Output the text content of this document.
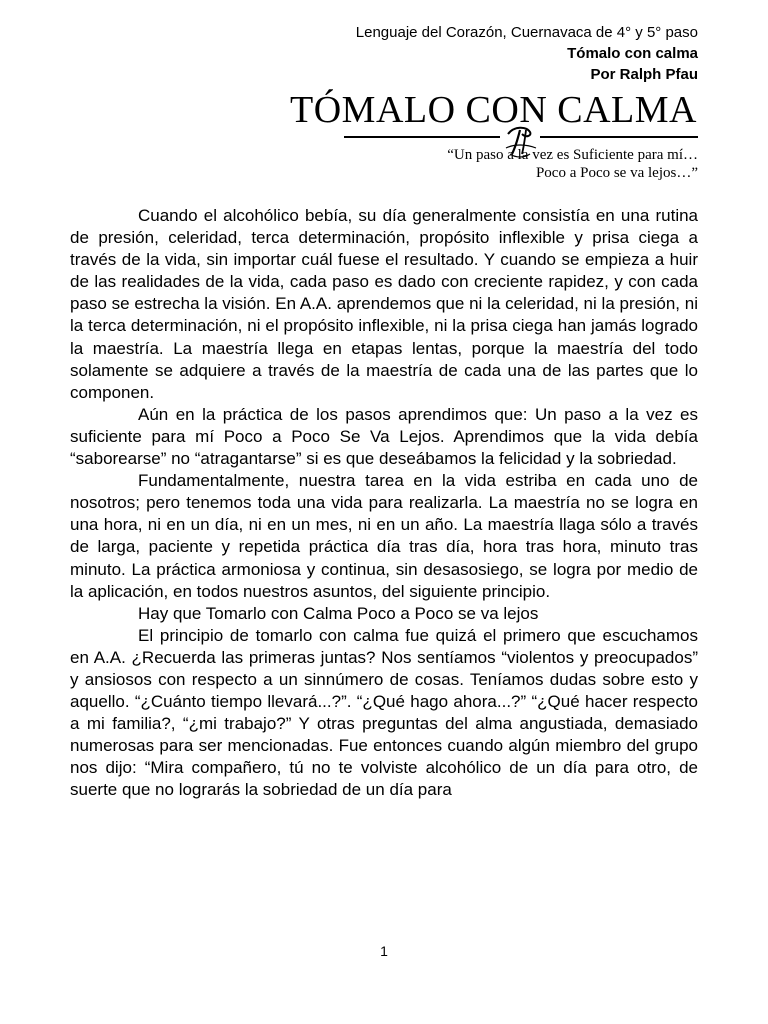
Lenguaje del Corazón, Cuernavaca de 4° y 5° paso
Tómalo con calma
Por Ralph Pfau
TÓMALO CON CALMA
“Un paso a la vez es Suficiente para mí…
Poco a Poco se va lejos…”

Cuando el alcohólico bebía, su día generalmente consistía en una rutina de presión, celeridad, terca determinación, propósito inflexible y prisa ciega a través de la vida, sin importar cuál fuese el resultado. Y cuando se empieza a huir de las realidades de la vida, cada paso es dado con creciente rapidez, y con cada paso se estrecha la visión. En A.A. aprendemos que ni la celeridad, ni la presión, ni la terca determinación, ni el propósito inflexible, ni la prisa ciega han jamás logrado la maestría. La maestría llega en etapas lentas, porque la maestría del todo solamente se adquiere a través de la maestría de cada una de las partes que lo componen.

Aún en la práctica de los pasos aprendimos que: Un paso a la vez es suficiente para mí Poco a Poco Se Va Lejos. Aprendimos que la vida debía “saborearse” no “atragantarse” si es que deseábamos la felicidad y la sobriedad.

Fundamentalmente, nuestra tarea en la vida estriba en cada uno de nosotros; pero tenemos toda una vida para realizarla. La maestría no se logra en una hora, ni en un día, ni en un mes, ni en un año. La maestría llaga sólo a través de larga, paciente y repetida práctica día tras día, hora tras hora, minuto tras minuto. La práctica armoniosa y continua, sin desasosiego, se logra por medio de la aplicación, en todos nuestros asuntos, del siguiente principio.

Hay que Tomarlo con Calma Poco a Poco se va lejos

El principio de tomarlo con calma fue quizá el primero que escuchamos en A.A. ¿Recuerda las primeras juntas? Nos sentíamos “violentos y preocupados” y ansiosos con respecto a un sinnúmero de cosas. Teníamos dudas sobre esto y aquello. “¿Cuánto tiempo llevará...?”. “¿Qué hago ahora...?” “¿Qué hacer respecto a mi familia?, “¿mi trabajo?” Y otras preguntas del alma angustiada, demasiado numerosas para ser mencionadas. Fue entonces cuando algún miembro del grupo nos dijo: “Mira compañero, tú no te volviste alcohólico de un día para otro, de suerte que no lograrás la sobriedad de un día para

1
